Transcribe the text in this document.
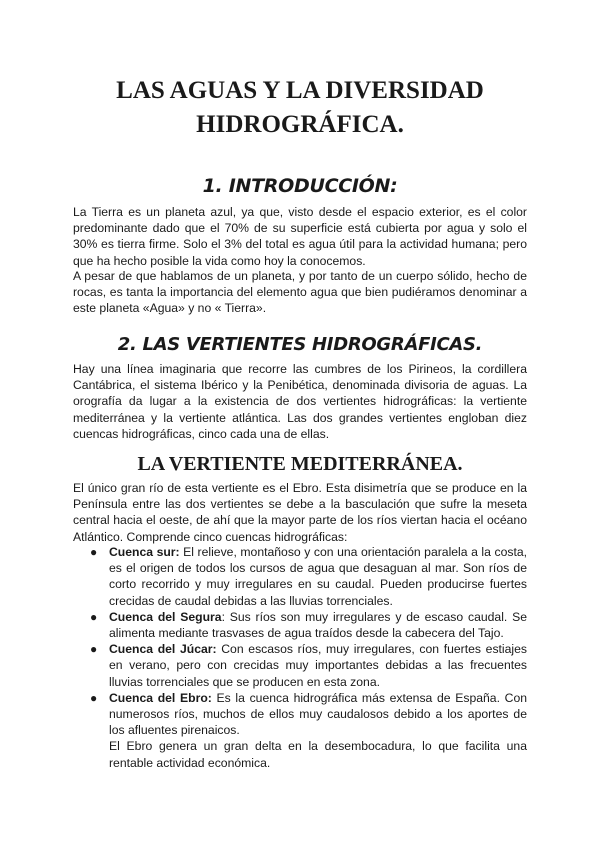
LAS AGUAS Y LA DIVERSIDAD
HIDROGRÁFICA.
1. INTRODUCCIÓN:

La Tierra es un planeta azul, ya que, visto desde el espacio exterior, es el color predominante dado que el 70% de su superficie está cubierta por agua y solo el 30% es tierra firme. Solo el 3% del total es agua útil para la actividad humana; pero que ha hecho posible la vida como hoy la conocemos.

A pesar de que hablamos de un planeta, y por tanto de un cuerpo sólido, hecho de rocas, es tanta la importancia del elemento agua que bien pudiéramos denominar a este planeta «Agua» y no « Tierra».

2. LAS VERTIENTES HIDROGRÁFICAS.

Hay una línea imaginaria que recorre las cumbres de los Pirineos, la cordillera Cantábrica, el sistema Ibérico y la Penibética, denominada divisoria de aguas. La orografía da lugar a la existencia de dos vertientes hidrográficas: la vertiente mediterránea y la vertiente atlántica. Las dos grandes vertientes engloban diez cuencas hidrográficas, cinco cada una de ellas.

LA VERTIENTE MEDITERRÁNEA.

El único gran río de esta vertiente es el Ebro. Esta disimetría que se produce en la Península entre las dos vertientes se debe a la basculación que sufre la meseta central hacia el oeste, de ahí que la mayor parte de los ríos viertan hacia el océano Atlántico. Comprende cinco cuencas hidrográficas:

● Cuenca sur: El relieve, montañoso y con una orientación paralela a la costa, es el origen de todos los cursos de agua que desaguan al mar. Son ríos de corto recorrido y muy irregulares en su caudal. Pueden producirse fuertes crecidas de caudal debidas a las lluvias torrenciales.
● Cuenca del Segura: Sus ríos son muy irregulares y de escaso caudal. Se alimenta mediante trasvases de agua traídos desde la cabecera del Tajo.
● Cuenca del Júcar: Con escasos ríos, muy irregulares, con fuertes estiajes en verano, pero con crecidas muy importantes debidas a las frecuentes lluvias torrenciales que se producen en esta zona.
● Cuenca del Ebro: Es la cuenca hidrográfica más extensa de España. Con numerosos ríos, muchos de ellos muy caudalosos debido a los aportes de los afluentes pirenaicos.
El Ebro genera un gran delta en la desembocadura, lo que facilita una rentable actividad económica.
